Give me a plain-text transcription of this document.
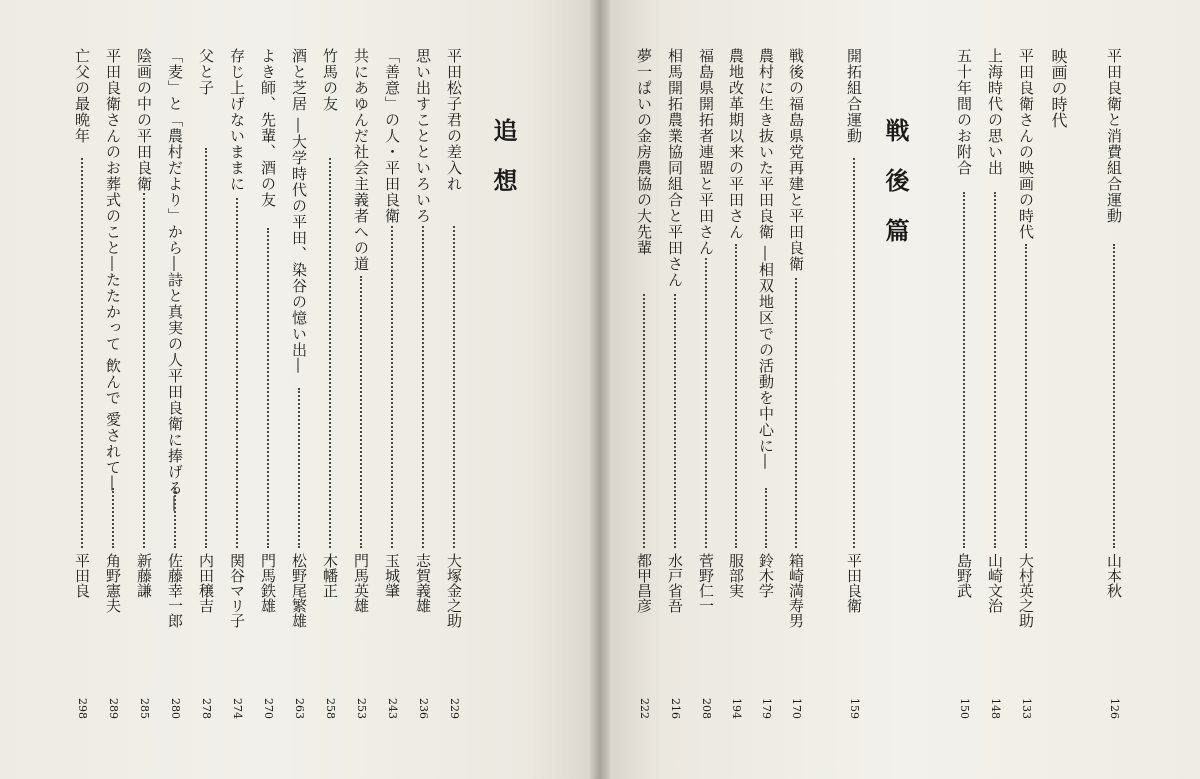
平田松子君の差入れ
大塚金之助
229
思い出すことといろいろ
志賀義雄
236
「善意」の人・平田良衛
玉城肇
243
共にあゆんだ社会主義者への道
門馬英雄
253
竹馬の友
木幡正
258
酒と芝居 ―大学時代の平田、染谷の憶い出―
松野尾繁雄
263
よき師、先輩、酒の友
門馬鉄雄
270
存じ上げないままに
関谷マリ子
274
父と子
内田穣吉
278
「麦」と「農村だより」から―詩と真実の人平田良衛に捧げる―
佐藤幸一郎
280
陰画の中の平田良衛
新藤謙
285
平田良衛さんのお葬式のこと―たたかって 飲んで 愛されて―
角野憲夫
289
亡父の最晩年
平田良
298
追想	平田良衛と消費組合運動
山本秋
126
平田良衛さんの映画の時代
大村英之助
133
上海時代の思い出
山崎文治
148
五十年間のお附合
島野武
150
開拓組合運動
平田良衛
159
戦後の福島県党再建と平田良衛
箱崎満寿男
170
農村に生き抜いた平田良衛 ―相双地区での活動を中心に―
鈴木学
179
農地改革期以来の平田さん
服部実
194
福島県開拓者連盟と平田さん
菅野仁一
208
相馬開拓農業協同組合と平田さん
水戸省吾
216
夢一ぱいの金房農協の大先輩
都甲昌彦
222
戦後篇
映画の時代
